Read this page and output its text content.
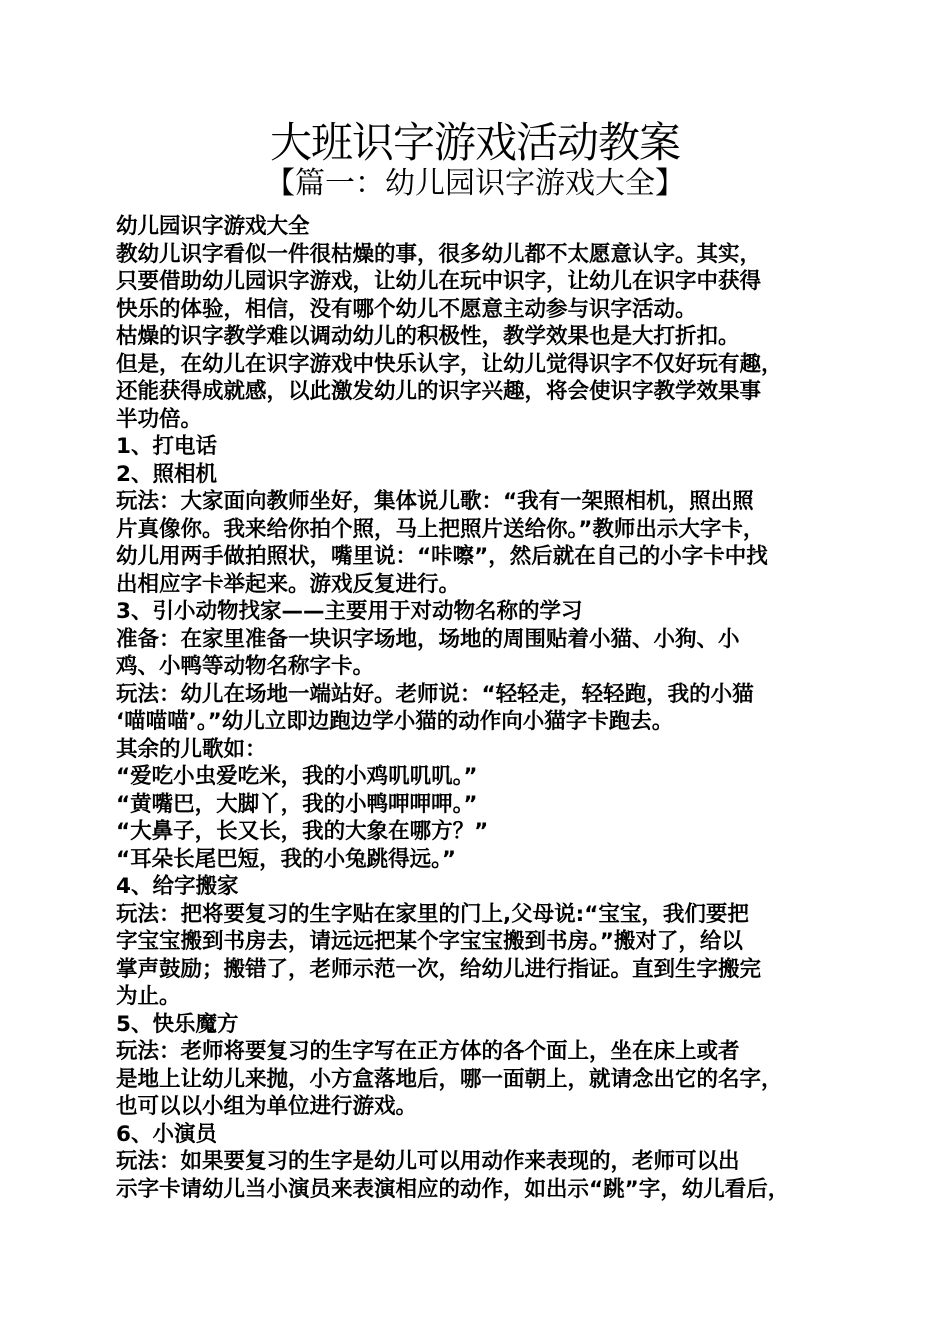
大班识字游戏活动教案
【篇一：幼儿园识字游戏大全】

幼儿园识字游戏大全

教幼儿识字看似一件很枯燥的事，很多幼儿都不太愿意认字。其实，

只要借助幼儿园识字游戏，让幼儿在玩中识字，让幼儿在识字中获得

快乐的体验，相信，没有哪个幼儿不愿意主动参与识字活动。

枯燥的识字教学难以调动幼儿的积极性，教学效果也是大打折扣。

但是，在幼儿在识字游戏中快乐认字，让幼儿觉得识字不仅好玩有趣，

还能获得成就感，以此激发幼儿的识字兴趣，将会使识字教学效果事

半功倍。

1、打电话

2、照相机

玩法：大家面向教师坐好，集体说儿歌：“我有一架照相机，照出照

片真像你。我来给你拍个照，马上把照片送给你。”教师出示大字卡，

幼儿用两手做拍照状，嘴里说：“咔嚓”，然后就在自己的小字卡中找

出相应字卡举起来。游戏反复进行。

3、引小动物找家——主要用于对动物名称的学习

准备：在家里准备一块识字场地，场地的周围贴着小猫、小狗、小

鸡、小鸭等动物名称字卡。

玩法：幼儿在场地一端站好。老师说：“轻轻走，轻轻跑，我的小猫

‘喵喵喵’。”幼儿立即边跑边学小猫的动作向小猫字卡跑去。

其余的儿歌如：

“爱吃小虫爱吃米，我的小鸡叽叽叽。”

“黄嘴巴，大脚丫，我的小鸭呷呷呷。”

“大鼻子，长又长，我的大象在哪方？”

“耳朵长尾巴短，我的小兔跳得远。”

4、给字搬家

玩法：把将要复习的生字贴在家里的门上,父母说:“宝宝，我们要把

字宝宝搬到书房去，请远远把某个字宝宝搬到书房。”搬对了，给以

掌声鼓励；搬错了，老师示范一次，给幼儿进行指证。直到生字搬完

为止。

5、快乐魔方

玩法：老师将要复习的生字写在正方体的各个面上，坐在床上或者

是地上让幼儿来抛，小方盒落地后，哪一面朝上，就请念出它的名字，

也可以以小组为单位进行游戏。

6、小演员

玩法：如果要复习的生字是幼儿可以用动作来表现的，老师可以出

示字卡请幼儿当小演员来表演相应的动作，如出示“跳”字，幼儿看后，
